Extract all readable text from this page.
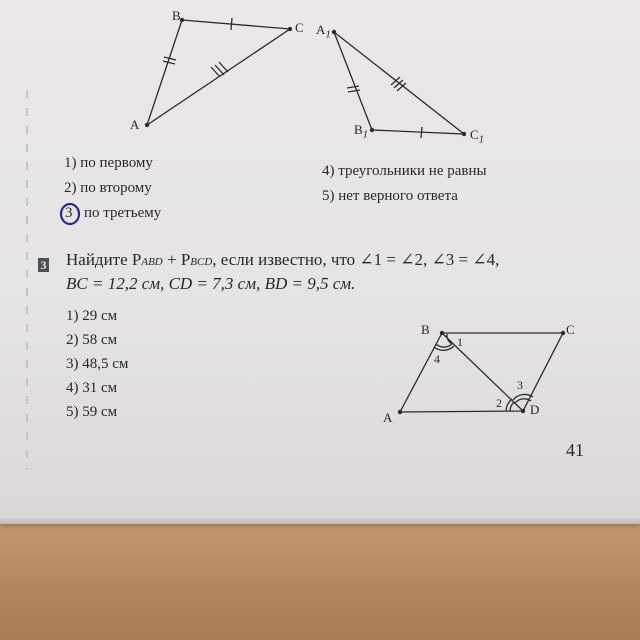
B
C
A
$A_1$
$B_1$	$C_1$
1) по первому
2) по второму
3 по третьему
4) треугольники не равны
5) нет верного ответа
3 Найдите PABD + PBCD, если известно, что ∠1 = ∠2, ∠3 = ∠4,
BC = 12,2 см, CD = 7,3 см, BD = 9,5 см.
1) 29 см
2) 58 см
3) 48,5 см
4) 31 см
5) 59 см
B	C
A
D
1
4
2
3
41
